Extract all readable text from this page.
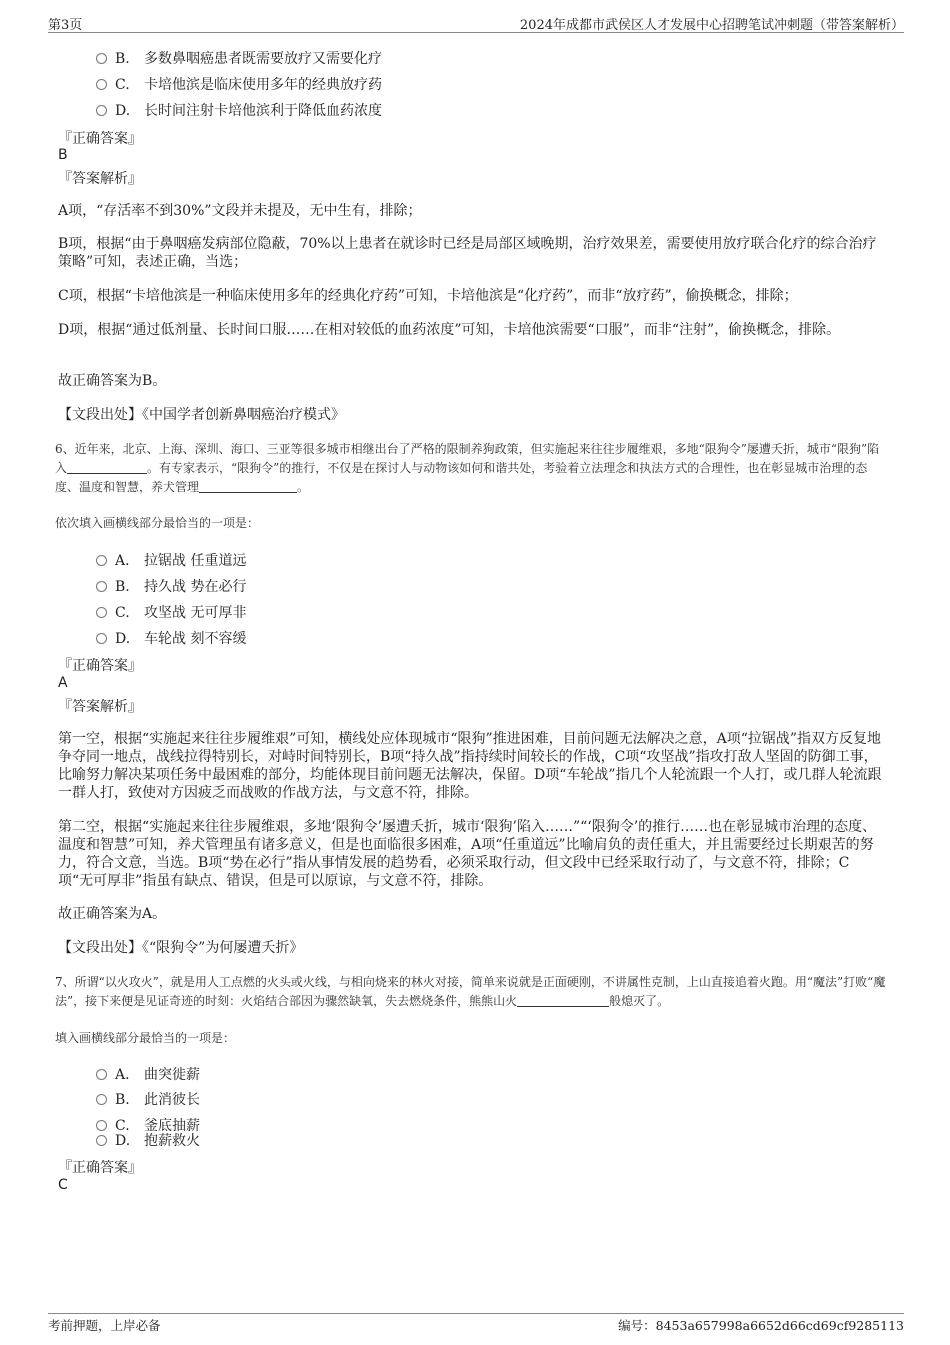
第3页	2024年成都市武侯区人才发展中心招聘笔试冲刺题（带答案解析）
B. 多数鼻咽癌患者既需要放疗又需要化疗
C. 卡培他滨是临床使用多年的经典放疗药
D. 长时间注射卡培他滨利于降低血药浓度
『正确答案』
B
『答案解析』
A项，“存活率不到30%”文段并未提及，无中生有，排除；
B项，根据“由于鼻咽癌发病部位隐蔽，70%以上患者在就诊时已经是局部区域晚期，治疗效果差，需要使用放疗联合化疗的综合治疗策略”可知，表述正确，当选；
C项，根据“卡培他滨是一种临床使用多年的经典化疗药”可知，卡培他滨是“化疗药”，而非“放疗药”，偷换概念，排除；
D项，根据“通过低剂量、长时间口服……在相对较低的血药浓度”可知，卡培他滨需要“口服”，而非“注射”，偷换概念，排除。
故正确答案为B。
【文段出处】《中国学者创新鼻咽癌治疗模式》
6、近年来，北京、上海、深圳、海口、三亚等很多城市相继出台了严格的限制养狗政策，但实施起来往往步履维艰，多地“限狗令”屡遭夭折，城市“限狗”陷入	。有专家表示，“限狗令”的推行，不仅是在探讨人与动物该如何和谐共处，考验着立法理念和执法方式的合理性，也在彰显城市治理的态度、温度和智慧，养犬管理	。
依次填入画横线部分最恰当的一项是：
A． 拉锯战 任重道远
B. 持久战 势在必行
C. 攻坚战 无可厚非
D. 车轮战 刻不容缓
『正确答案』
A
『答案解析』
第一空，根据“实施起来往往步履维艰”可知，横线处应体现城市“限狗”推进困难，目前问题无法解决之意，A项“拉锯战”指双方反复地争夺同一地点，战线拉得特别长，对峙时间特别长，B项“持久战”指持续时间较长的作战，C项“攻坚战”指攻打敌人坚固的防御工事，比喻努力解决某项任务中最困难的部分，均能体现目前问题无法解决，保留。D项“车轮战”指几个人轮流跟一个人打，或几群人轮流跟一群人打，致使对方因疲乏而战败的作战方法，与文意不符，排除。
第二空，根据“实施起来往往步履维艰，多地‘限狗令’屡遭夭折，城市‘限狗’陷入……”“‘限狗令’的推行……也在彰显城市治理的态度、温度和智慧”可知，养犬管理虽有诸多意义，但是也面临很多困难，A项“任重道远”比喻肩负的责任重大，并且需要经过长期艰苦的努力，符合文意，当选。B项“势在必行”指从事情发展的趋势看，必须采取行动，但文段中已经采取行动了，与文意不符，排除；C项“无可厚非”指虽有缺点、错误，但是可以原谅，与文意不符，排除。
故正确答案为A。
【文段出处】《“限狗令”为何屡遭夭折》
7、所谓“以火攻火”，就是用人工点燃的火头或火线，与相向烧来的林火对接，简单来说就是正面硬刚，不讲属性克制，上山直接追着火跑。用“魔法”打败“魔法”，接下来便是见证奇迹的时刻：火焰结合部因为骤然缺氧，失去燃烧条件，熊熊山火	般熄灭了。
填入画横线部分最恰当的一项是：
A． 曲突徙薪
B. 此消彼长
C. 釜底抽薪
D. 抱薪救火
『正确答案』
C
考前押题，上岸必备	编号：8453a657998a6652d66cd69cf9285113
